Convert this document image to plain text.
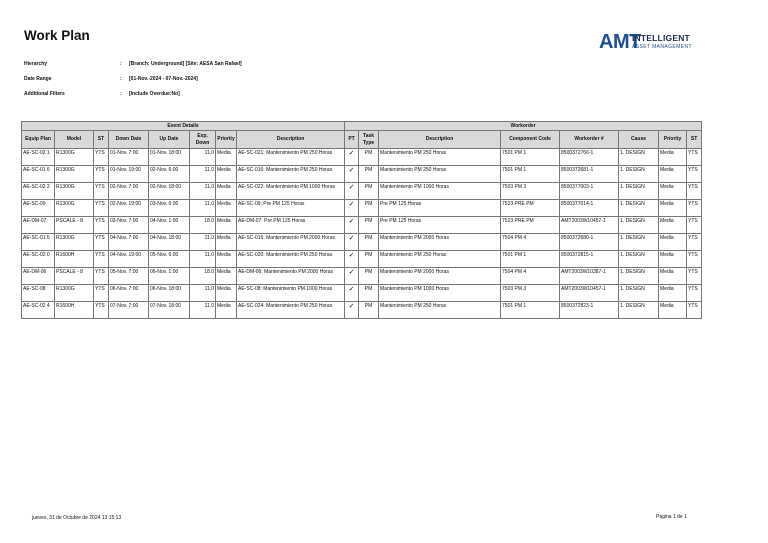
Work Plan	AMT
INTELLIGENT
ASSET MANAGEMENT
Hierarchy	: [Branch: Underground] [Site: AESA San Rafael]
Date Range	: [01-Nov.-2024 - 07-Nov.-2024]
Additional Filters	: [Include Overdue:No]
Event Details								Workorder							
Equip Plan	Model	ST	Down Date	Up Date	Exp. Down	Priority	Description	PT	Task Type	Description	Component Code	Workorder #	Cause	Priority	ST
AE-SC-02 1	R1300G	YTS	01-Nov. 7:00	01-Nov. 18:00	11.0	Media	AE-SC-021: Mantenimiento PM 250 Horas	✓	PM	Mantenimiento PM 250 Horas	7501 PM 1	8500372766-1	1. DESIGN	Media	YTS
AE-SC-01 6	R1300G	YTS	01-Nov. 19:00	02-Nov. 6:00	11.0	Media	AE-SC-016: Mantenimiento PM 250 Horas	✓	PM	Mantenimiento PM 250 Horas	7501 PM 1	8500372681-1	1. DESIGN	Media	YTS
AE-SC-02 2	R1300G	YTS	02-Nov. 7:00	02-Nov. 18:00	11.0	Media	AE-SC-022: Mantenimiento PM 1000 Horas	✓	PM	Mantenimiento PM 1000 Horas	7503 PM 3	8500377003-1	1. DESIGN	Media	YTS
AE-SC-09	R1300G	YTS	02-Nov. 19:00	03-Nov. 6:00	11.0	Media	AE-SC-09: Pre PM 125 Horas	✓	PM	Pre PM 125 Horas	7523 PRE PM	8500377014-1	1. DESIGN	Media	YTS
AE-DM-07	PSCALE - 8	YTS	03-Nov. 7:00	04-Nov. 1:00	18.0	Media	AE-DM-07: Pre PM 125 Horas	✓	PM	Pre PM 125 Horas	7523 PRE PM	AMT2003W10457-1	1. DESIGN	Media	YTS
AE-SC-01 5	R1300G	YTS	04-Nov. 7:00	04-Nov. 18:00	11.0	Media	AE-SC-015: Mantenimiento PM 2000 Horas	✓	PM	Mantenimiento PM 2000 Horas	7504 PM 4	8500372680-1	1. DESIGN	Media	YTS
AE-SC-02 0	R1600H	YTS	04-Nov. 19:00	05-Nov. 6:00	11.0	Media	AE-SC-020: Mantenimiento PM 250 Horas	✓	PM	Mantenimiento PM 250 Horas	7501 PM 1	8500372815-1	1. DESIGN	Media	YTS
AE-DM-06	PSCALE - 8	YTS	05-Nov. 7:00	06-Nov. 1:00	18.0	Media	AE-DM-06: Mantenimiento PM 2000 Horas	✓	PM	Mantenimiento PM 2000 Horas	7504 PM 4	AMT2003W10387-1	1. DESIGN	Media	YTS
AE-SC-08	R1300G	YTS	06-Nov. 7:00	06-Nov. 18:00	11.0	Media	AE-SC-08: Mantenimiento PM 1000 Horas	✓	PM	Mantenimiento PM 1000 Horas	7503 PM 3	AMT2003W10457-1	1. DESIGN	Media	YTS
AE-SC-02 4	R1600H	YTS	07-Nov. 7:00	07-Nov. 18:00	11.0	Media	AE-SC-024: Mantenimiento PM 250 Horas	✓	PM	Mantenimiento PM 250 Horas	7501 PM 1	8500372823-1	1. DESIGN	Media	YTS
jueves, 31 de Octubre de 2024 13:15:13	Página 1 de 1
